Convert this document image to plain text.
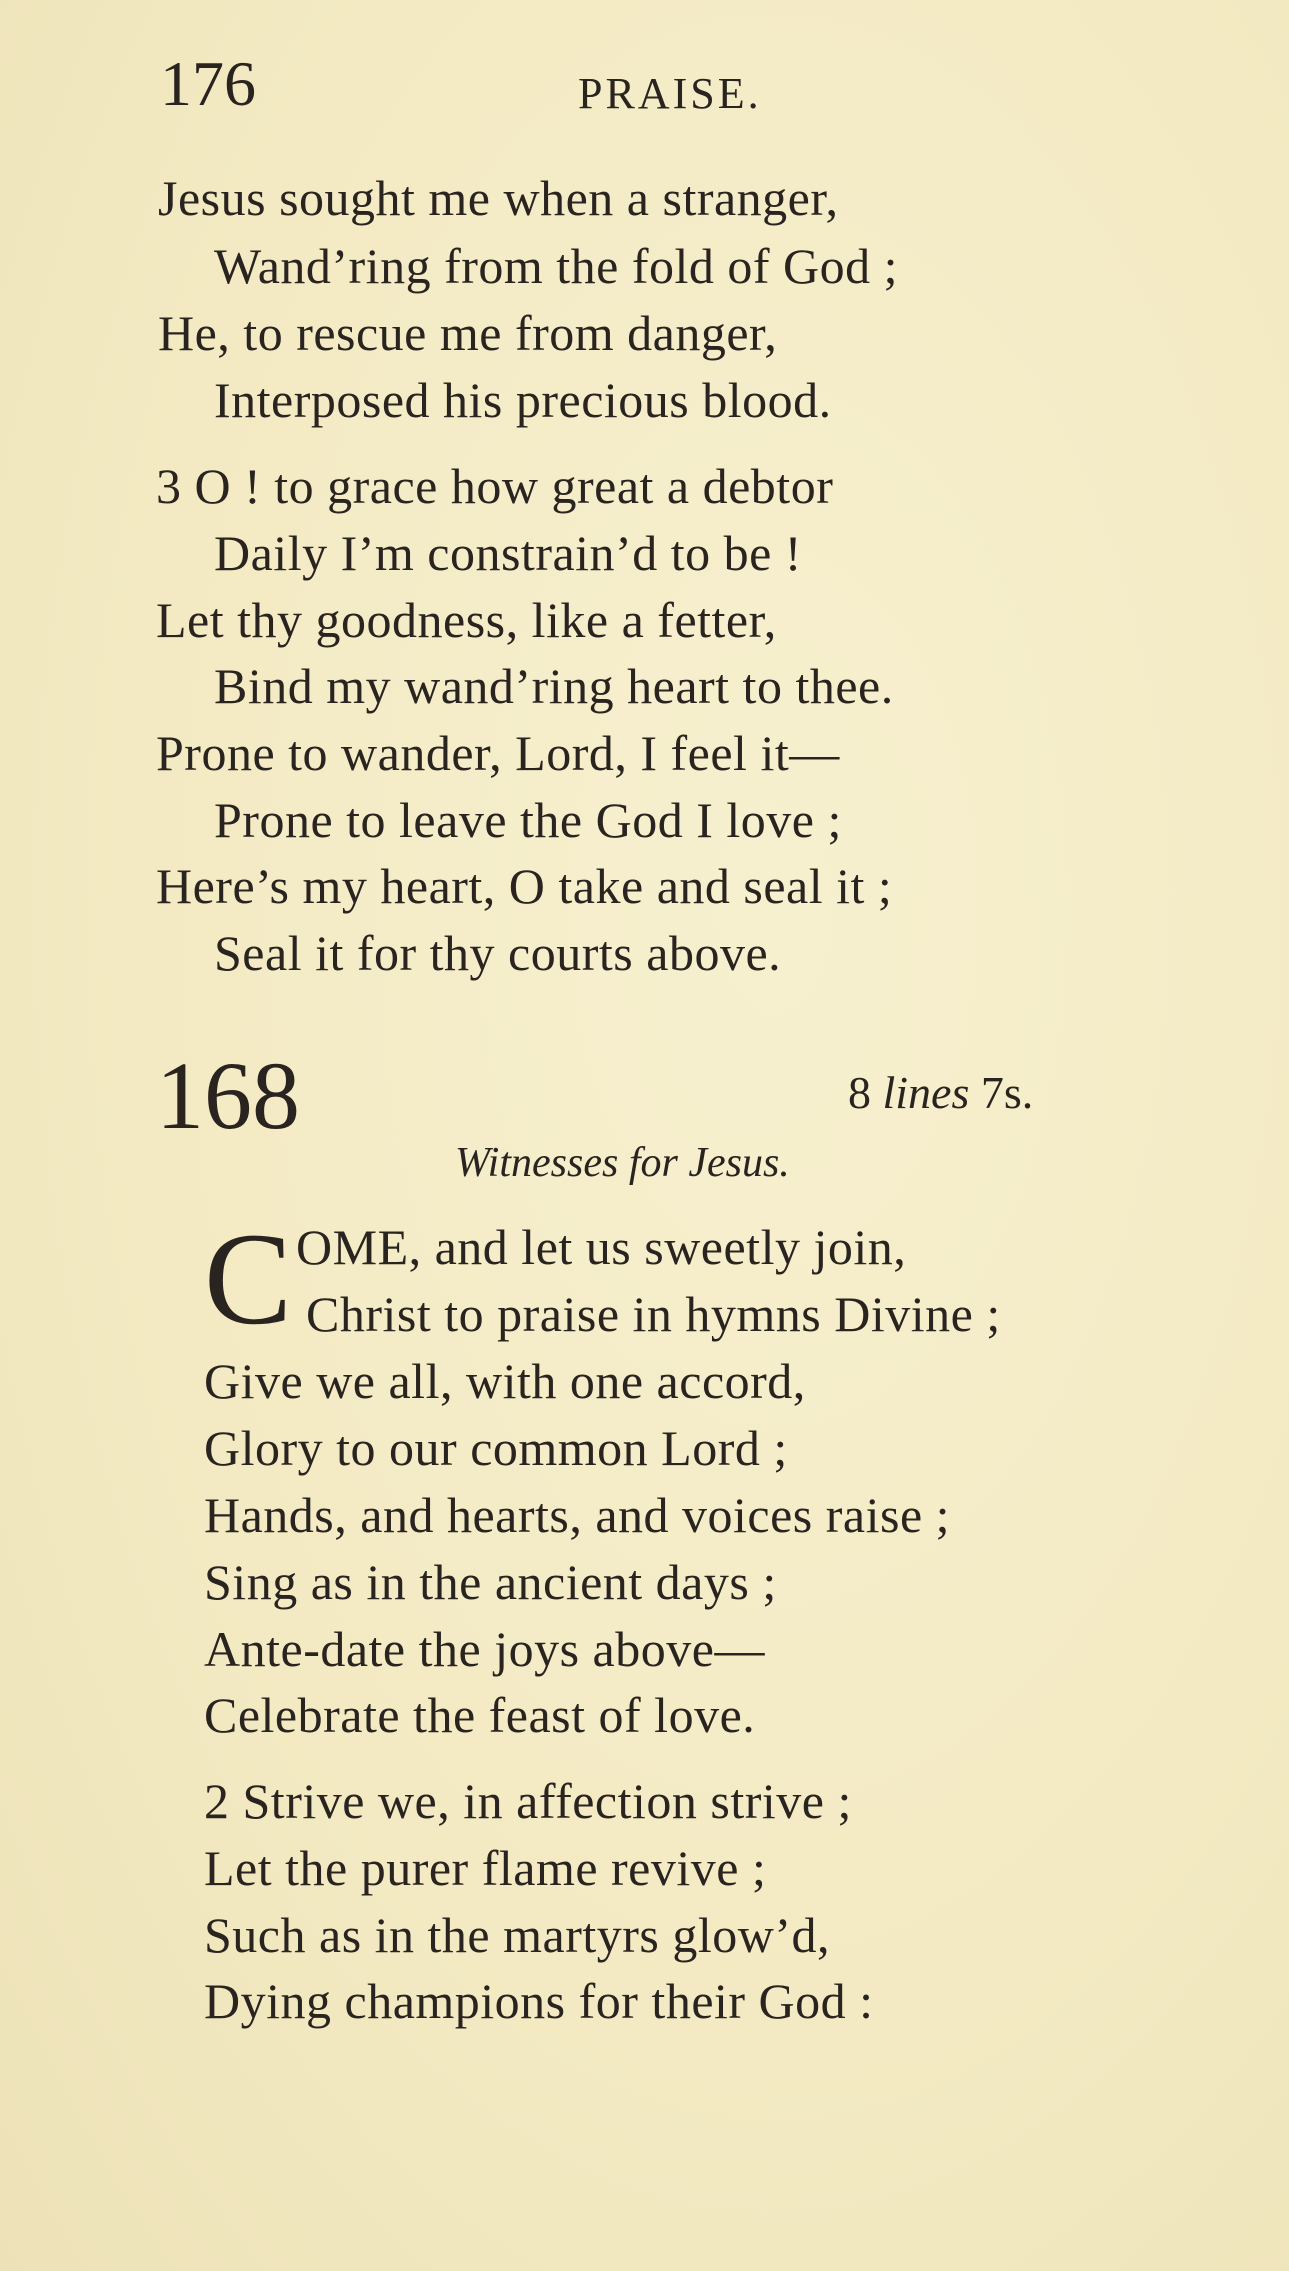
176	PRAISE.
Jesus sought me when a stranger,
Wand’ring from the fold of God ;
He, to rescue me from danger,
Interposed his precious blood.
3 O ! to grace how great a debtor
Daily I’m constrain’d to be !
Let thy goodness, like a fetter,
Bind my wand’ring heart to thee.
Prone to wander, Lord, I feel it—
Prone to leave the God I love ;
Here’s my heart, O take and seal it ;
Seal it for thy courts above.
168	8 lines 7s.
Witnesses for Jesus.
C OME, and let us sweetly join,
Christ to praise in hymns Divine ;
Give we all, with one accord,
Glory to our common Lord ;
Hands, and hearts, and voices raise ;
Sing as in the ancient days ;
Ante-date the joys above—
Celebrate the feast of love.
2 Strive we, in affection strive ;
Let the purer flame revive ;
Such as in the martyrs glow’d,
Dying champions for their God :
